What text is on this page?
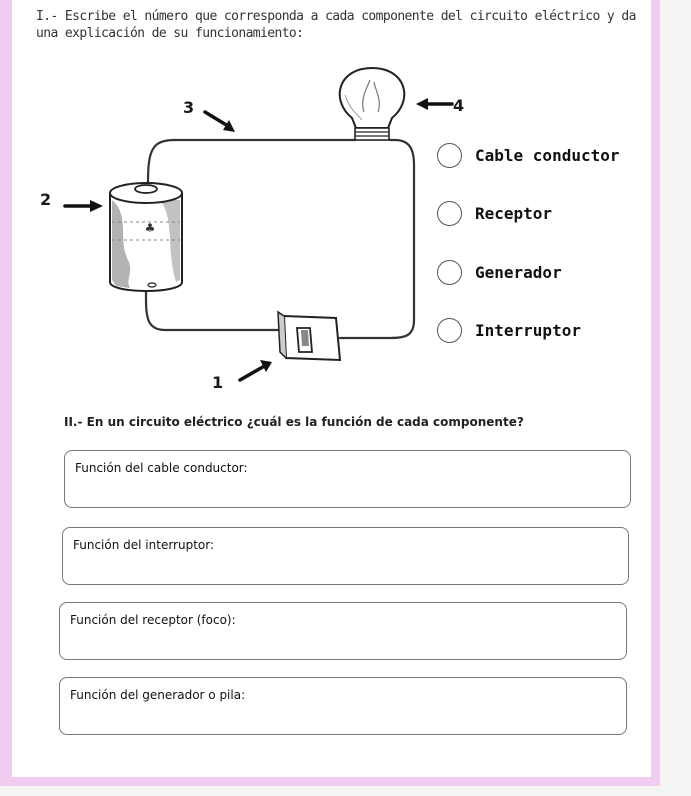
I.- Escribe el número que corresponda a cada componente del circuito eléctrico y da una explicación de su funcionamiento:
♣
·
1
2
3	4
Cable conductor
Receptor
Generador
Interruptor
II.- En un circuito eléctrico ¿cuál es la función de cada componente?
Función del cable conductor:
Función del interruptor:
Función del receptor (foco):
Función del generador o pila:
